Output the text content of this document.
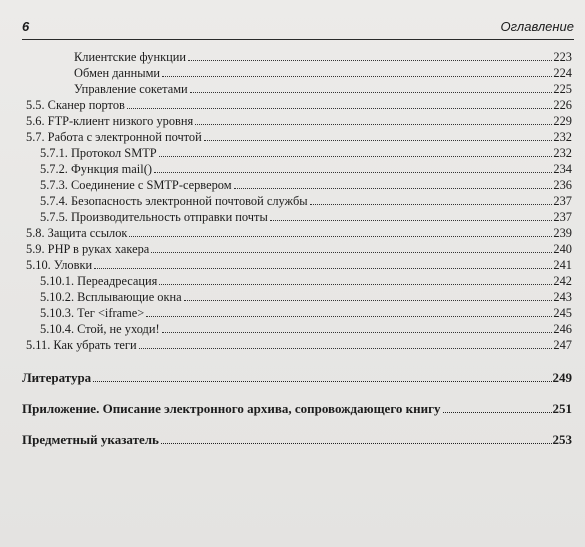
6	Оглавление
Клиентские функции	223
Обмен данными	224
Управление сокетами	225
5.5. Сканер портов	226
5.6. FTP-клиент низкого уровня	229
5.7. Работа с электронной почтой	232
5.7.1. Протокол SMTP	232
5.7.2. Функция mail()	234
5.7.3. Соединение с SMTP-сервером	236
5.7.4. Безопасность электронной почтовой службы	237
5.7.5. Производительность отправки почты	237
5.8. Защита ссылок	239
5.9. PHP в руках хакера	240
5.10. Уловки	241
5.10.1. Переадресация	242
5.10.2. Всплывающие окна	243
5.10.3. Тег <iframe>	245
5.10.4. Стой, не уходи!	246
5.11. Как убрать теги	247
Литература	249
Приложение. Описание электронного архива, сопровождающего книгу	251
Предметный указатель	253
